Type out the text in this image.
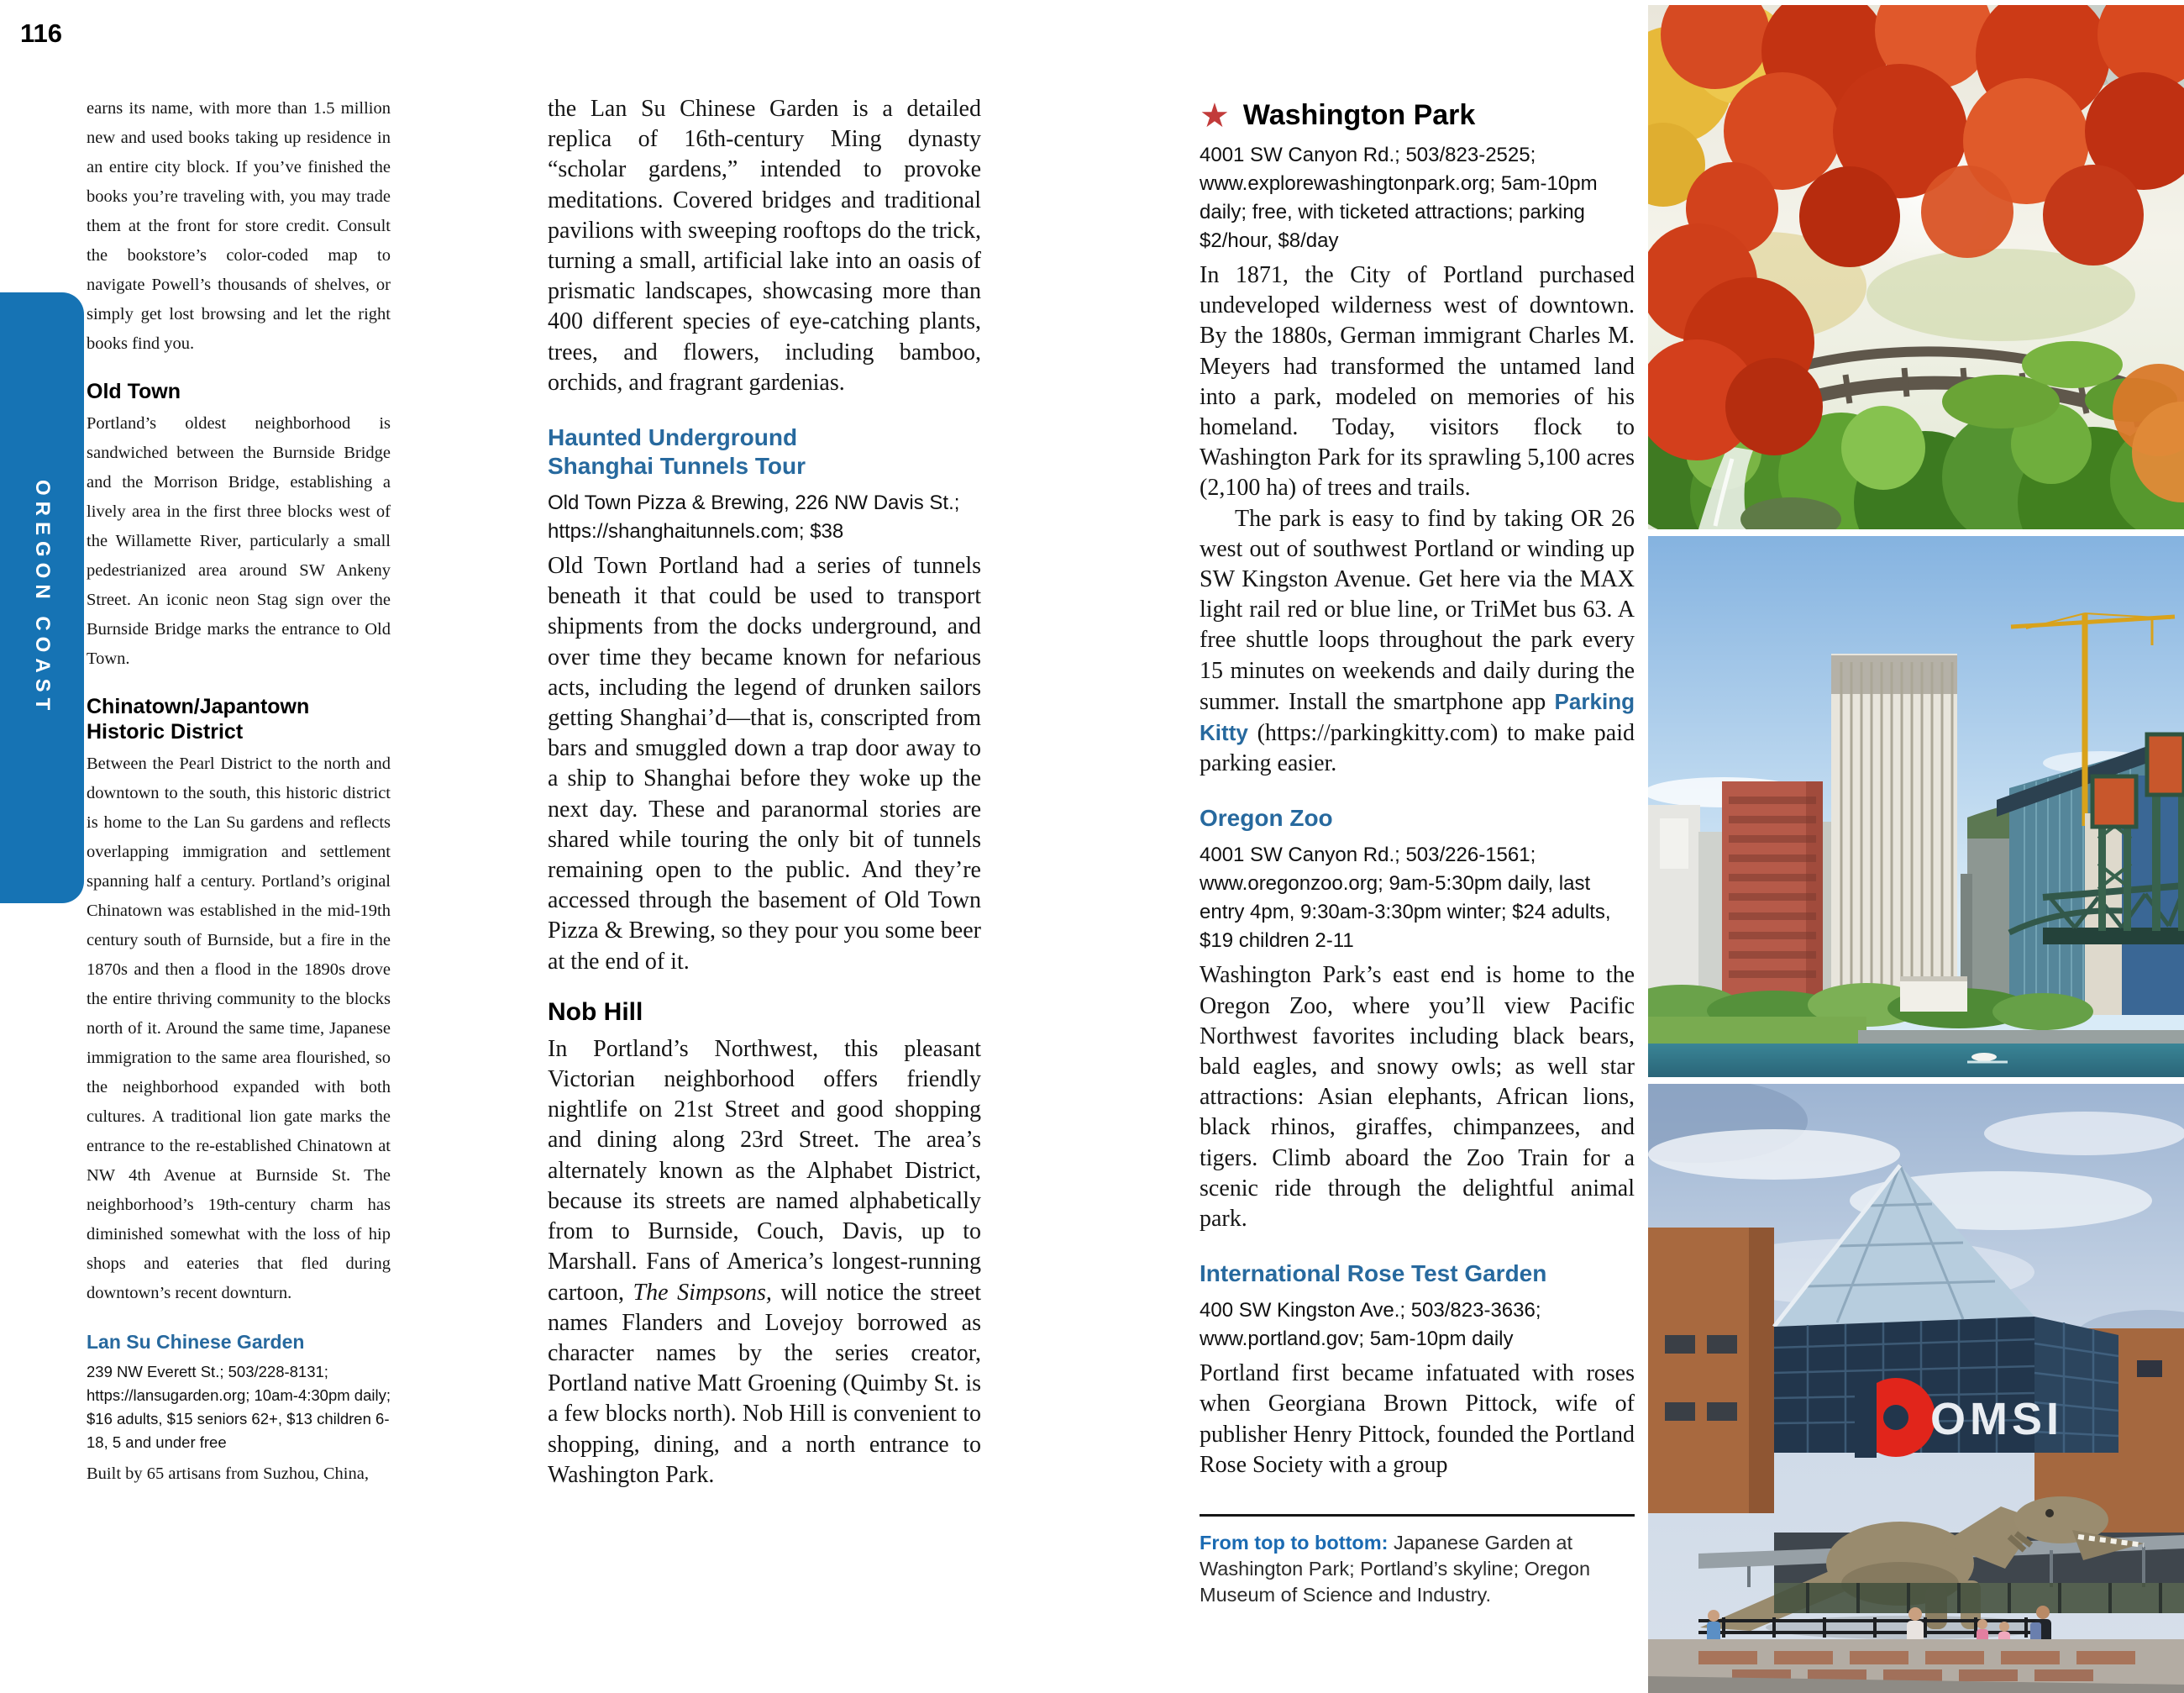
116
OREGON COAST

earns its name, with more than 1.5 million new and used books taking up residence in an entire city block. If you’ve finished the books you’re traveling with, you may trade them at the front for store credit. Consult the bookstore’s color-coded map to navigate Powell’s thousands of shelves, or simply get lost browsing and let the right books find you.

Old Town

Portland’s oldest neighborhood is sandwiched between the Burnside Bridge and the Morrison Bridge, establishing a lively area in the first three blocks west of the Willamette River, particularly a small pedestrianized area around SW Ankeny Street. An iconic neon Stag sign over the Burnside Bridge marks the entrance to Old Town.

Chinatown/Japantown
Historic District

Between the Pearl District to the north and downtown to the south, this historic district is home to the Lan Su gardens and reflects overlapping immigration and settlement spanning half a century. Portland’s original Chinatown was established in the mid-19th century south of Burnside, but a fire in the 1870s and then a flood in the 1890s drove the entire thriving community to the blocks north of it. Around the same time, Japanese immigration to the same area flourished, so the neighborhood expanded with both cultures. A traditional lion gate marks the entrance to the re-established Chinatown at NW 4th Avenue at Burnside St. The neighborhood’s 19th-century charm has diminished somewhat with the loss of hip shops and eateries that fled during downtown’s recent downturn.

Lan Su Chinese Garden

239 NW Everett St.; 503/228-8131; https://lansugarden.org; 10am-4:30pm daily; $16 adults, $15 seniors 62+, $13 children 6-18, 5 and under free

Built by 65 artisans from Suzhou, China,

the Lan Su Chinese Garden is a detailed replica of 16th-century Ming dynasty “scholar gardens,” intended to provoke meditations. Covered bridges and traditional pavilions with sweeping rooftops do the trick, turning a small, artificial lake into an oasis of prismatic landscapes, showcasing more than 400 different species of eye-catching plants, trees, and flowers, including bamboo, orchids, and fragrant gardenias.

Haunted Underground
Shanghai Tunnels Tour

Old Town Pizza & Brewing, 226 NW Davis St.; https://shanghaitunnels.com; $38

Old Town Portland had a series of tunnels beneath it that could be used to transport shipments from the docks underground, and over time they became known for nefarious acts, including the legend of drunken sailors getting Shanghai’d—that is, conscripted from bars and smuggled down a trap door away to a ship to Shanghai before they woke up the next day. These and paranormal stories are shared while touring the only bit of tunnels remaining open to the public. And they’re accessed through the basement of Old Town Pizza & Brewing, so they pour you some beer at the end of it.

Nob Hill

In Portland’s Northwest, this pleasant Victorian neighborhood offers friendly nightlife on 21st Street and good shopping and dining along 23rd Street. The area’s alternately known as the Alphabet District, because its streets are named alphabetically from to Burnside, Couch, Davis, up to Marshall. Fans of America’s longest-running cartoon, The Simpsons, will notice the street names Flanders and Lovejoy borrowed as character names by the series creator, Portland native Matt Groening (Quimby St. is a few blocks north). Nob Hill is convenient to shopping, dining, and a north entrance to Washington Park.

★ Washington Park

4001 SW Canyon Rd.; 503/823-2525; www.explorewashingtonpark.org; 5am-10pm daily; free, with ticketed attractions; parking $2/hour, $8/day

In 1871, the City of Portland purchased undeveloped wilderness west of downtown. By the 1880s, German immigrant Charles M. Meyers had transformed the untamed land into a park, modeled on memories of his homeland. Today, visitors flock to Washington Park for its sprawling 5,100 acres (2,100 ha) of trees and trails.

The park is easy to find by taking OR 26 west out of southwest Portland or winding up SW Kingston Avenue. Get here via the MAX light rail red or blue line, or TriMet bus 63. A free shuttle loops throughout the park every 15 minutes on weekends and daily during the summer. Install the smartphone app Parking Kitty (https://parkingkitty.com) to make paid parking easier.

Oregon Zoo

4001 SW Canyon Rd.; 503/226-1561; www.oregonzoo.org; 9am-5:30pm daily, last entry 4pm, 9:30am-3:30pm winter; $24 adults, $19 children 2-11

Washington Park’s east end is home to the Oregon Zoo, where you’ll view Pacific Northwest favorites including black bears, bald eagles, and snowy owls; as well star attractions: Asian elephants, African lions, black rhinos, giraffes, chimpanzees, and tigers. Climb aboard the Zoo Train for a scenic ride through the delightful animal park.

International Rose Test Garden

400 SW Kingston Ave.; 503/823-3636; www.portland.gov; 5am-10pm daily

Portland first became infatuated with roses when Georgiana Brown Pittock, wife of publisher Henry Pittock, founded the Portland Rose Society with a group

From top to bottom: Japanese Garden at Washington Park; Portland’s skyline; Oregon Museum of Science and Industry.

OMSI
